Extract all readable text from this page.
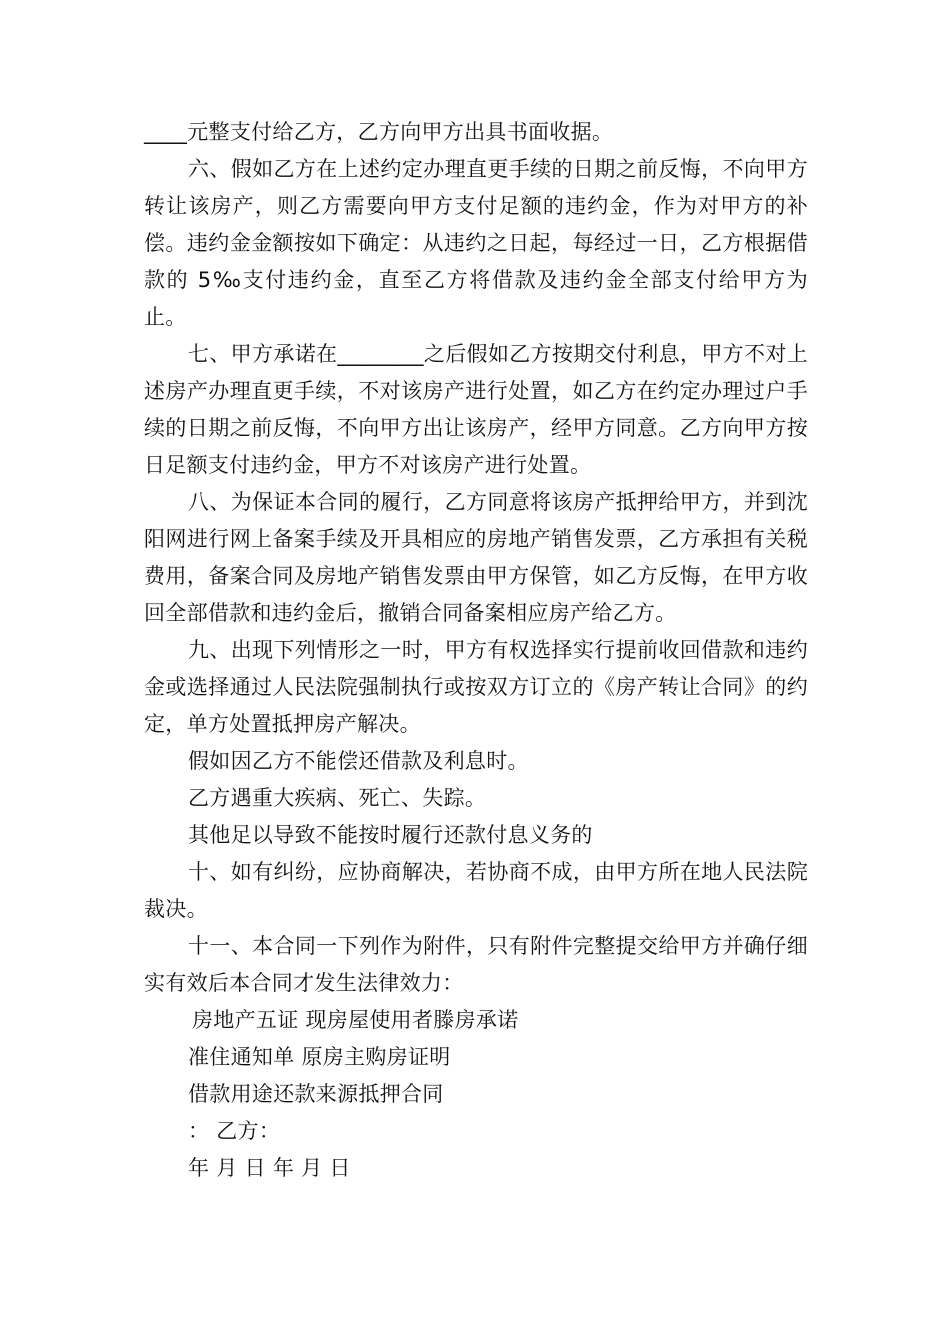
____元整支付给乙方，乙方向甲方出具书面收据。

六、假如乙方在上述约定办理直更手续的日期之前反悔，不向甲方转让该房产，则乙方需要向甲方支付足额的违约金，作为对甲方的补偿。违约金金额按如下确定：从违约之日起，每经过一日，乙方根据借款的 5‰支付违约金，直至乙方将借款及违约金全部支付给甲方为止。

七、甲方承诺在________之后假如乙方按期交付利息，甲方不对上述房产办理直更手续，不对该房产进行处置，如乙方在约定办理过户手续的日期之前反悔，不向甲方出让该房产，经甲方同意。乙方向甲方按日足额支付违约金，甲方不对该房产进行处置。

八、为保证本合同的履行，乙方同意将该房产抵押给甲方，并到沈阳网进行网上备案手续及开具相应的房地产销售发票，乙方承担有关税费用，备案合同及房地产销售发票由甲方保管，如乙方反悔，在甲方收回全部借款和违约金后，撤销合同备案相应房产给乙方。

九、出现下列情形之一时，甲方有权选择实行提前收回借款和违约金或选择通过人民法院强制执行或按双方订立的《房产转让合同》的约定，单方处置抵押房产解决。

假如因乙方不能偿还借款及利息时。

乙方遇重大疾病、死亡、失踪。

其他足以导致不能按时履行还款付息义务的

十、如有纠纷，应协商解决，若协商不成，由甲方所在地人民法院裁决。

十一、本合同一下列作为附件，只有附件完整提交给甲方并确仔细实有效后本合同才发生法律效力：

房地产五证 现房屋使用者滕房承诺

准住通知单 原房主购房证明

借款用途还款来源抵押合同

： 乙方：

年 月 日 年 月 日
